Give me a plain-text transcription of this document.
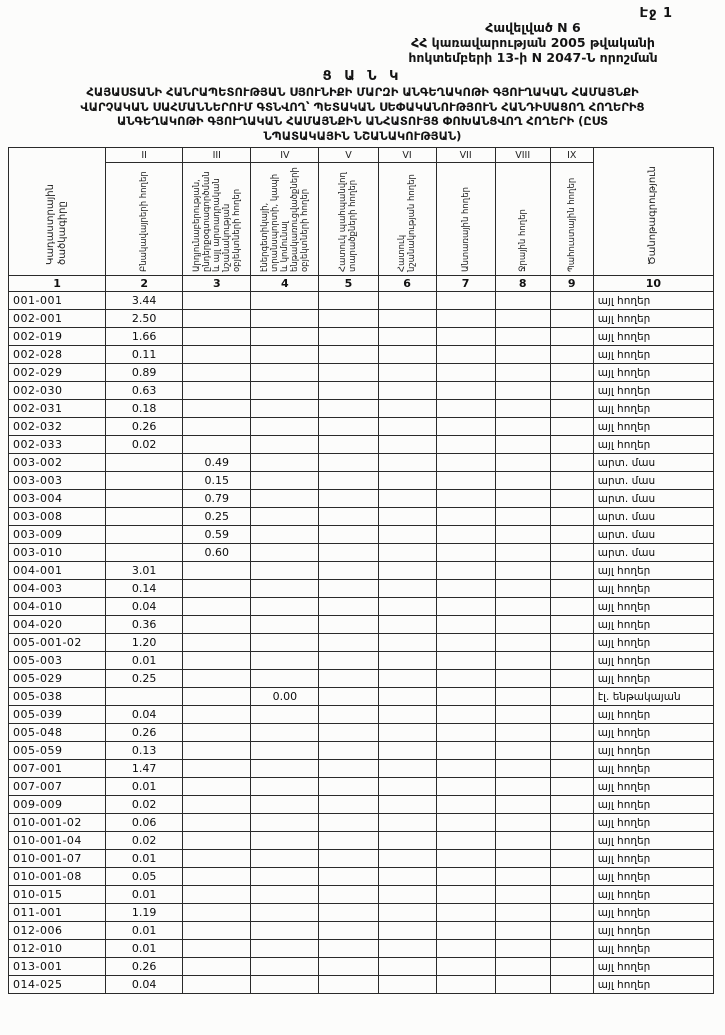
Էջ 1
Հավելված N 6
ՀՀ կառավարության 2005 թվականի
հոկտեմբերի 13-ի N 2047-Ն որոշման
Ց Ա Ն Կ
ՀԱՅԱՍՏԱՆԻ ՀԱՆՐԱՊԵՏՈՒԹՅԱՆ ՍՅՈՒՆԻՔԻ ՄԱՐԶԻ ԱՆԳԵՂԱԿՈԹԻ ԳՅՈՒՂԱԿԱՆ ՀԱՄԱՅՆՔԻ
ՎԱՐՉԱԿԱՆ ՍԱՀՄԱՆՆԵՐՈՒՄ ԳՏՆՎՈՂ՝ ՊԵՏԱԿԱՆ ՍԵՓԱԿԱՆՈՒԹՅՈՒՆ ՀԱՆԴԻՍԱՑՈՂ ՀՈՂԵՐԻՑ
ԱՆԳԵՂԱԿՈԹԻ ԳՅՈՒՂԱԿԱՆ ՀԱՄԱՅՆՔԻՆ ԱՆՀԱՏՈՒՅՑ ՓՈԽԱՆՑՎՈՂ ՀՈՂԵՐԻ (ԸՍՏ
ՆՊԱՏԱԿԱՅԻՆ ՆՇԱՆԱԿՈՒԹՅԱՆ)
Կադաստրային ծածկագիրը	II	III	IV	V	VI	VII	VIII	IX	Ծանոթագրություն

	Բնակավայրերի հողեր	Արդյունաբերության, ընդերքօգտագործման և այլ արտադրական նշանակության օբյեկտների հողեր	էներգետիկայի, տրանսպորտի, կապի և կոմունալ ենթակառուցվածքների օբյեկտների հողեր	Հատուկ պահպանվող տարածքների հողեր	Հատուկ նշանակության հողեր	Անտառային հողեր	Ջրային հողեր	Պահուստային հողեր	

1	2	3	4	5	6	7	8	9	10
001-001	3.44								այլ հողեր
002-001	2.50								այլ հողեր
002-019	1.66								այլ հողեր
002-028	0.11								այլ հողեր
002-029	0.89								այլ հողեր
002-030	0.63								այլ հողեր
002-031	0.18								այլ հողեր
002-032	0.26								այլ հողեր
002-033	0.02								այլ հողեր
003-002		0.49							արտ. մաս
003-003		0.15							արտ. մաս
003-004		0.79							արտ. մաս
003-008		0.25							արտ. մաս
003-009		0.59							արտ. մաս
003-010		0.60							արտ. մաս
004-001	3.01								այլ հողեր
004-003	0.14								այլ հողեր
004-010	0.04								այլ հողեր
004-020	0.36								այլ հողեր
005-001-02	1.20								այլ հողեր
005-003	0.01								այլ հողեր
005-029	0.25								այլ հողեր
005-038			0.00						էլ. ենթակայան
005-039	0.04								այլ հողեր
005-048	0.26								այլ հողեր
005-059	0.13								այլ հողեր
007-001	1.47								այլ հողեր
007-007	0.01								այլ հողեր
009-009	0.02								այլ հողեր
010-001-02	0.06								այլ հողեր
010-001-04	0.02								այլ հողեր
010-001-07	0.01								այլ հողեր
010-001-08	0.05								այլ հողեր
010-015	0.01								այլ հողեր
011-001	1.19								այլ հողեր
012-006	0.01								այլ հողեր
012-010	0.01								այլ հողեր
013-001	0.26								այլ հողեր
014-025	0.04								այլ հողեր
